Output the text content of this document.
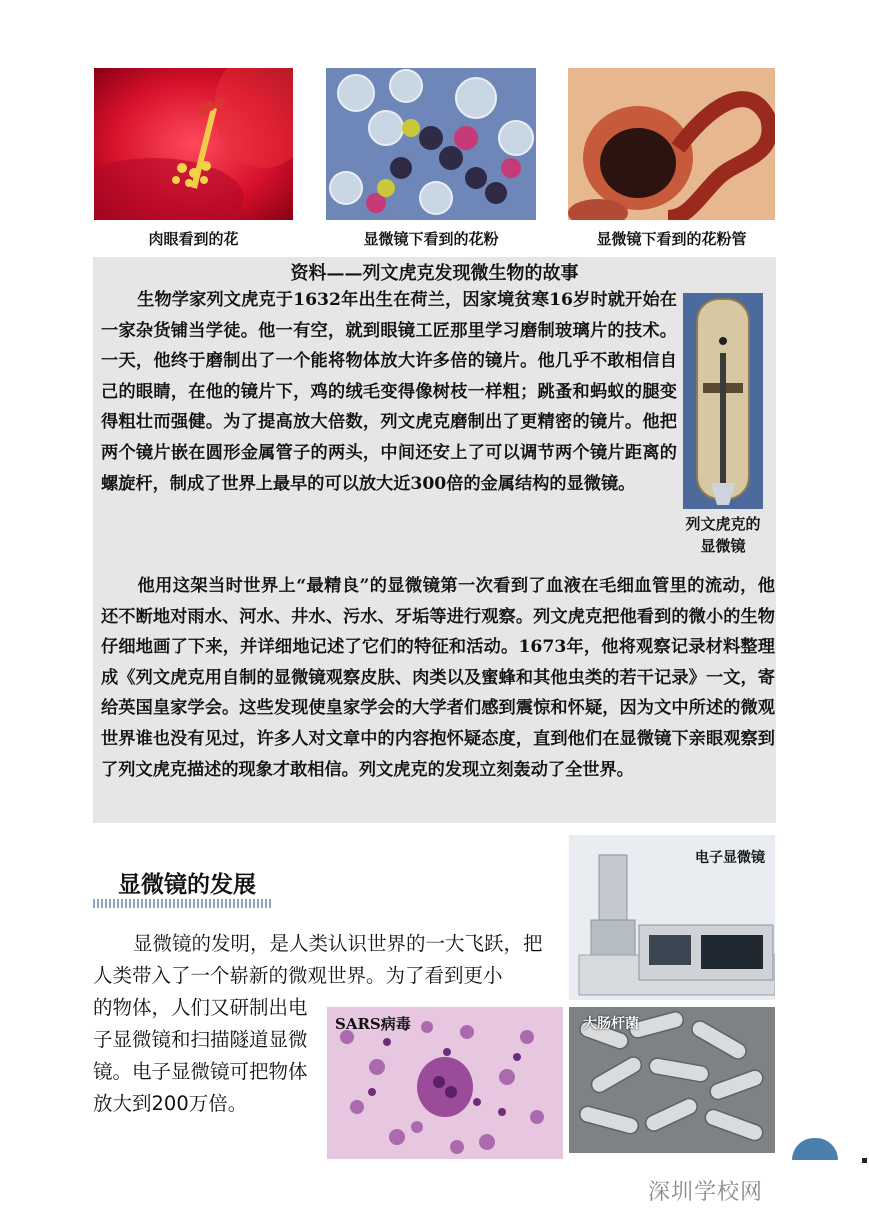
肉眼看到的花	显微镜下看到的花粉	显微镜下看到的花粉管
资料——列文虎克发现微生物的故事

生物学家列文虎克于1632年出生在荷兰，因家境贫寒16岁时就开始在一家杂货铺当学徒。他一有空，就到眼镜工匠那里学习磨制玻璃片的技术。一天，他终于磨制出了一个能将物体放大许多倍的镜片。他几乎不敢相信自己的眼睛，在他的镜片下，鸡的绒毛变得像树枝一样粗；跳蚤和蚂蚁的腿变得粗壮而强健。为了提高放大倍数，列文虎克磨制出了更精密的镜片。他把两个镜片嵌在圆形金属管子的两头，中间还安上了可以调节两个镜片距离的螺旋杆，制成了世界上最早的可以放大近300倍的金属结构的显微镜。

列文虎克的显微镜

他用这架当时世界上“最精良”的显微镜第一次看到了血液在毛细血管里的流动，他还不断地对雨水、河水、井水、污水、牙垢等进行观察。列文虎克把他看到的微小的生物仔细地画了下来，并详细地记述了它们的特征和活动。1673年，他将观察记录材料整理成《列文虎克用自制的显微镜观察皮肤、肉类以及蜜蜂和其他虫类的若干记录》一文，寄给英国皇家学会。这些发现使皇家学会的大学者们感到震惊和怀疑，因为文中所述的微观世界谁也没有见过，许多人对文章中的内容抱怀疑态度，直到他们在显微镜下亲眼观察到了列文虎克描述的现象才敢相信。列文虎克的发现立刻轰动了全世界。

显微镜的发展

显微镜的发明，是人类认识世界的一大飞跃，把人类带入了一个崭新的微观世界。为了看到更小

的物体，人们又研制出电子显微镜和扫描隧道显微镜。电子显微镜可把物体放大到200万倍。

电子显微镜
SARS病毒	大肠杆菌
深圳学校网
